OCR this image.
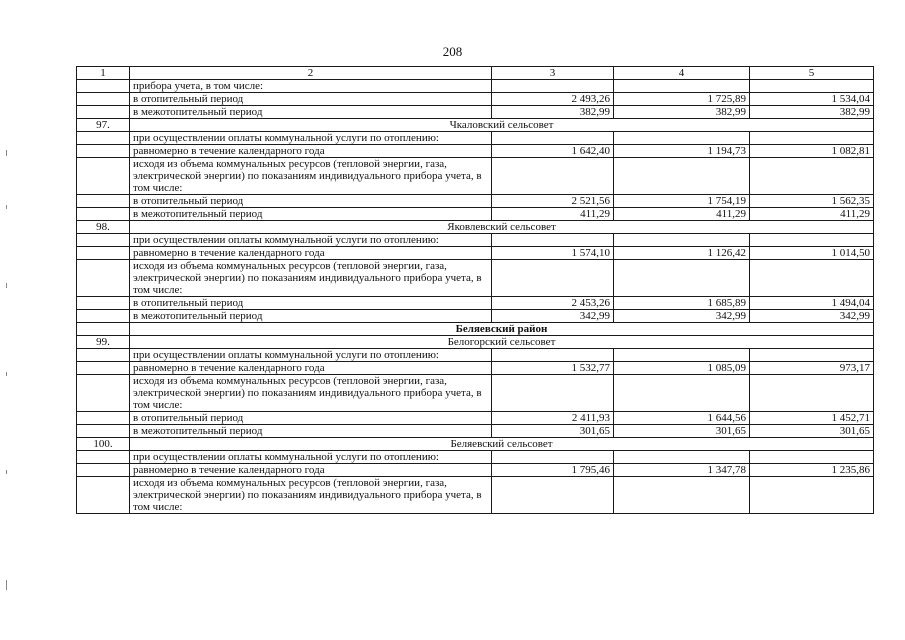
208
1	2	3	4	5
	прибора учета, в том числе:			
	в отопительный период	2 493,26	1 725,89	1 534,04
	в межотопительный период	382,99	382,99	382,99
97.	Чкаловский сельсовет			
	при осуществлении оплаты коммунальной услуги по отоплению:			
	равномерно в течение календарного года	1 642,40	1 194,73	1 082,81
	исходя из объема коммунальных ресурсов (тепловой энергии, газа, электрической энергии) по показаниям индивидуального прибора учета, в том числе:			
	в отопительный период	2 521,56	1 754,19	1 562,35
	в межотопительный период	411,29	411,29	411,29
98.	Яковлевский сельсовет			
	при осуществлении оплаты коммунальной услуги по отоплению:			
	равномерно в течение календарного года	1 574,10	1 126,42	1 014,50
	исходя из объема коммунальных ресурсов (тепловой энергии, газа, электрической энергии) по показаниям индивидуального прибора учета, в том числе:			
	в отопительный период	2 453,26	1 685,89	1 494,04
	в межотопительный период	342,99	342,99	342,99
	Беляевский район			
99.	Белогорский сельсовет			
	при осуществлении оплаты коммунальной услуги по отоплению:			
	равномерно в течение календарного года	1 532,77	1 085,09	973,17
	исходя из объема коммунальных ресурсов (тепловой энергии, газа, электрической энергии) по показаниям индивидуального прибора учета, в том числе:			
	в отопительный период	2 411,93	1 644,56	1 452,71
	в межотопительный период	301,65	301,65	301,65
100.	Беляевский сельсовет			
	при осуществлении оплаты коммунальной услуги по отоплению:			
	равномерно в течение календарного года	1 795,46	1 347,78	1 235,86
	исходя из объема коммунальных ресурсов (тепловой энергии, газа, электрической энергии) по показаниям индивидуального прибора учета, в том числе:			
